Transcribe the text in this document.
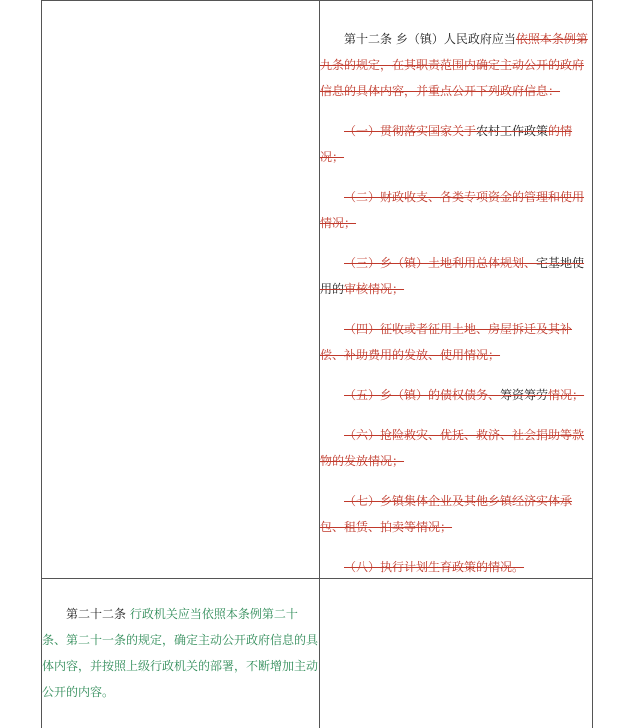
第十二条 乡（镇）人民政府应当依照本条例第九条的规定，在其职责范围内确定主动公开的政府信息的具体内容，并重点公开下列政府信息：

（一）贯彻落实国家关于农村工作政策的情况；

（二）财政收支、各类专项资金的管理和使用情况；

（三）乡（镇）土地利用总体规划、宅基地使用的审核情况；

（四）征收或者征用土地、房屋拆迁及其补偿、补助费用的发放、使用情况；

（五）乡（镇）的债权债务、筹资筹劳情况；

（六）抢险救灾、优抚、救济、社会捐助等款物的发放情况；

（七）乡镇集体企业及其他乡镇经济实体承包、租赁、拍卖等情况；

（八）执行计划生育政策的情况。

第二十二条 行政机关应当依照本条例第二十条、第二十一条的规定，确定主动公开政府信息的具体内容，并按照上级行政机关的部署，不断增加主动公开的内容。
